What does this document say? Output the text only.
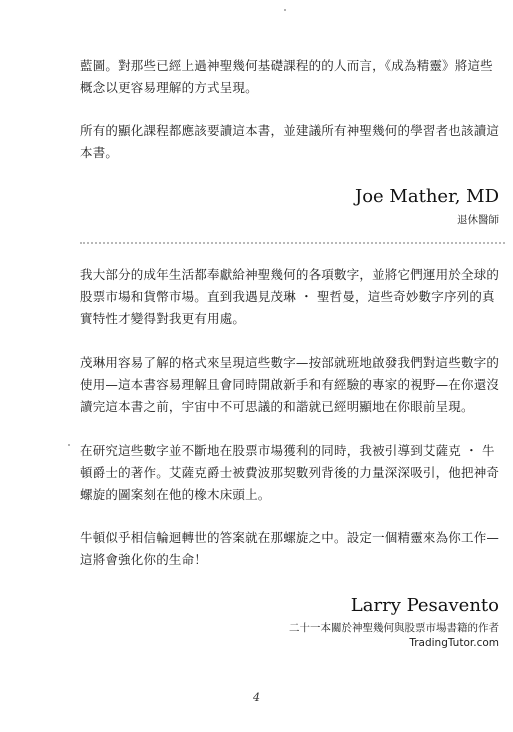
藍圖。對那些已經上過神聖幾何基礎課程的的人而言，《成為精靈》將這些
概念以更容易理解的方式呈現。

所有的顯化課程都應該要讀這本書，並建議所有神聖幾何的學習者也該讀這
本書。

Joe Mather, MD

退休醫師

我大部分的成年生活都奉獻給神聖幾何的各項數字，並將它們運用於全球的
股票市場和貨幣市場。直到我遇見茂琳 ・ 聖哲曼，這些奇妙數字序列的真
實特性才變得對我更有用處。

茂琳用容易了解的格式來呈現這些數字—按部就班地啟發我們對這些數字的
使用—這本書容易理解且會同時開啟新手和有經驗的專家的視野—在你還沒
讀完這本書之前，宇宙中不可思議的和諧就已經明顯地在你眼前呈現。

在研究這些數字並不斷地在股票市場獲利的同時，我被引導到艾薩克 ・ 牛
頓爵士的著作。艾薩克爵士被費波那契數列背後的力量深深吸引，他把神奇
螺旋的圖案刻在他的橡木床頭上。

牛頓似乎相信輪迴轉世的答案就在那螺旋之中。設定一個精靈來為你工作—
這將會強化你的生命！

Larry Pesavento

二十一本關於神聖幾何與股票市場書籍的作者

TradingTutor.com

4
